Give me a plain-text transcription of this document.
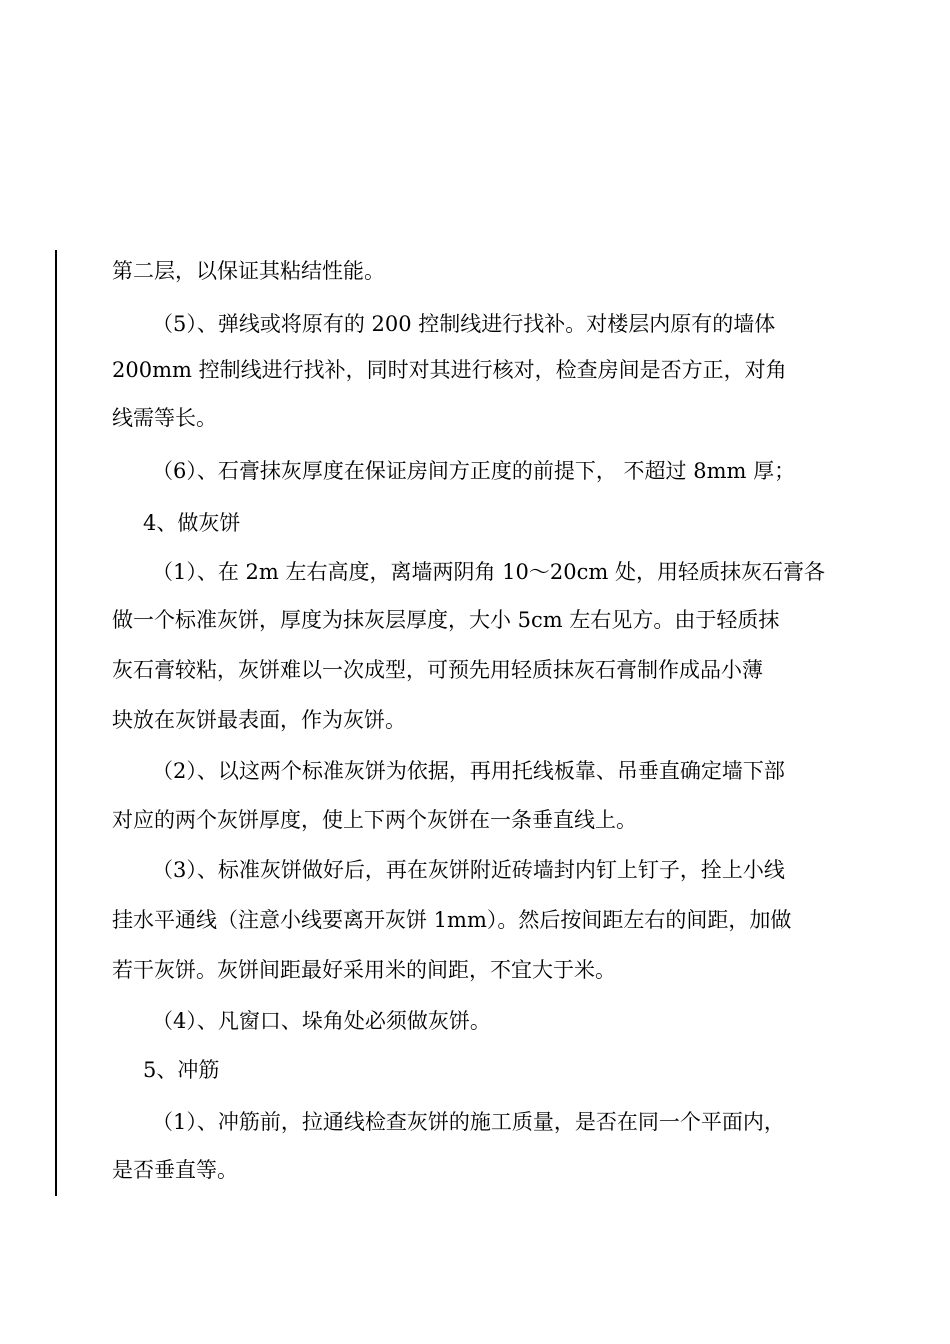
第二层，以保证其粘结性能。
（5）、弹线或将原有的 200 控制线进行找补。对楼层内原有的墙体
200mm 控制线进行找补，同时对其进行核对，检查房间是否方正，对角
线需等长。
（6）、石膏抹灰厚度在保证房间方正度的前提下， 不超过 8mm 厚；
4、做灰饼
（1）、在 2m 左右高度，离墙两阴角 10～20cm 处，用轻质抹灰石膏各
做一个标准灰饼，厚度为抹灰层厚度，大小 5cm 左右见方。由于轻质抹
灰石膏较粘，灰饼难以一次成型，可预先用轻质抹灰石膏制作成品小薄
块放在灰饼最表面，作为灰饼。
（2）、以这两个标准灰饼为依据，再用托线板靠、吊垂直确定墙下部
对应的两个灰饼厚度，使上下两个灰饼在一条垂直线上。
（3）、标准灰饼做好后，再在灰饼附近砖墙封内钉上钉子，拴上小线
挂水平通线（注意小线要离开灰饼 1mm）。然后按间距左右的间距，加做
若干灰饼。灰饼间距最好采用米的间距，不宜大于米。
（4）、凡窗口、垛角处必须做灰饼。
5、冲筋
（1）、冲筋前，拉通线检查灰饼的施工质量，是否在同一个平面内，
是否垂直等。
